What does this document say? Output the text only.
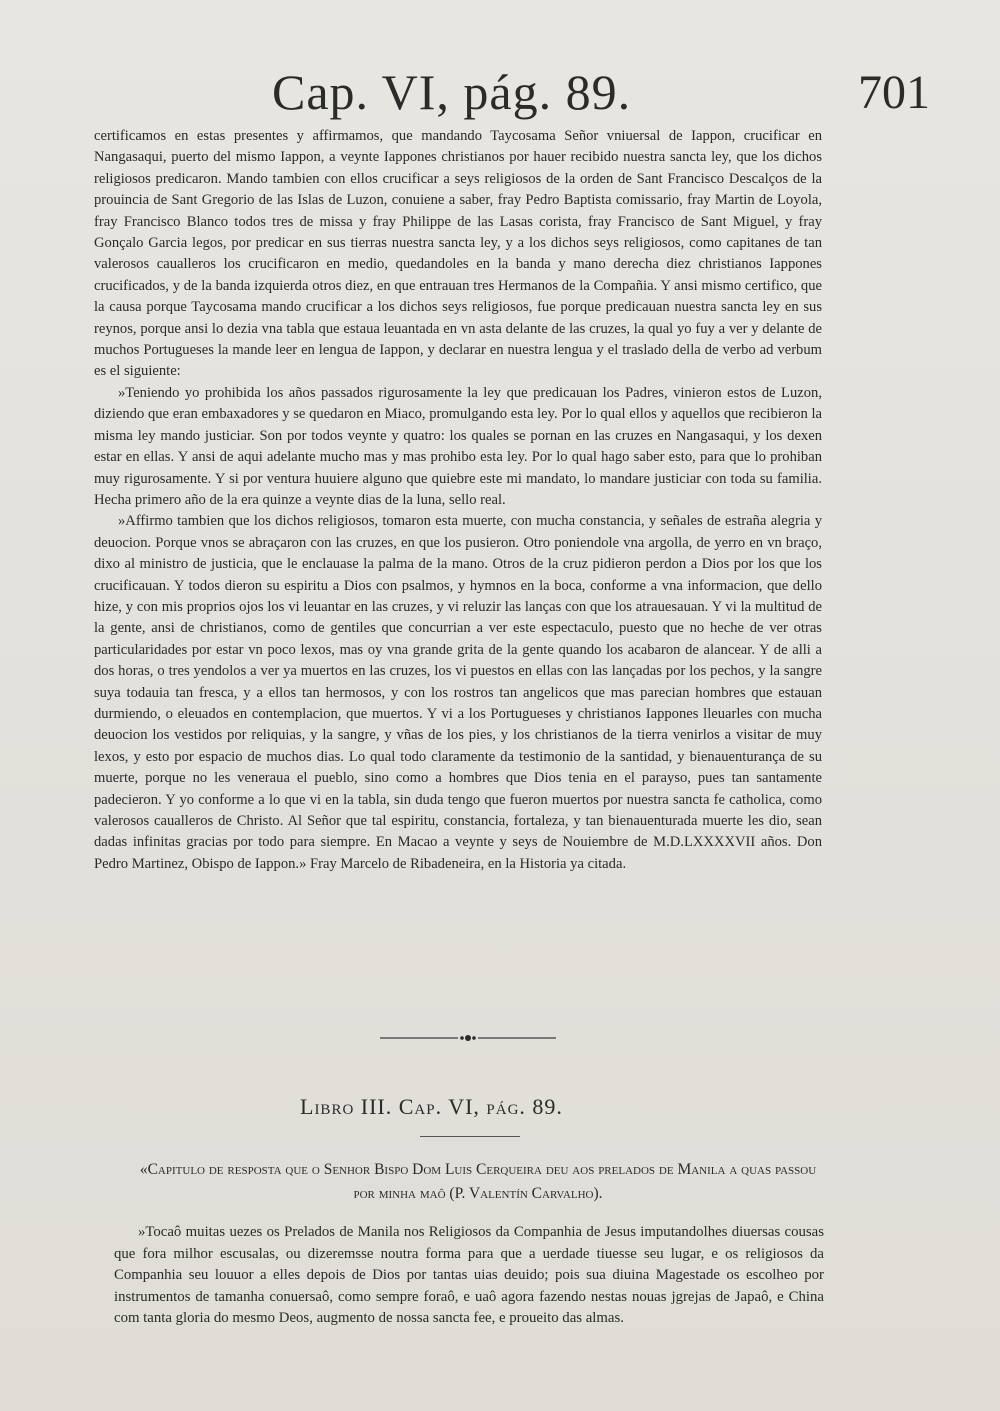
Cap. VI, pág. 89.	701

certificamos en estas presentes y affirmamos, que mandando Taycosama Señor vniuersal de Iappon, crucificar en Nangasaqui, puerto del mismo Iappon, a veynte Iappones christianos por hauer recibido nuestra sancta ley, que los dichos religiosos predicaron. Mando tambien con ellos crucificar a seys religiosos de la orden de Sant Francisco Descalços de la prouincia de Sant Gregorio de las Islas de Luzon, conuiene a saber, fray Pedro Baptista comissario, fray Martin de Loyola, fray Francisco Blanco todos tres de missa y fray Philippe de las Lasas corista, fray Francisco de Sant Miguel, y fray Gonçalo Garcia legos, por predicar en sus tierras nuestra sancta ley, y a los dichos seys religiosos, como capitanes de tan valerosos caualleros los crucificaron en medio, quedandoles en la banda y mano derecha diez christianos Iappones crucificados, y de la banda izquierda otros diez, en que entrauan tres Hermanos de la Compañia. Y ansi mismo certifico, que la causa porque Taycosama mando crucificar a los dichos seys religiosos, fue porque predicauan nuestra sancta ley en sus reynos, porque ansi lo dezia vna tabla que estaua leuantada en vn asta delante de las cruzes, la qual yo fuy a ver y delante de muchos Portugueses la mande leer en lengua de Iappon, y declarar en nuestra lengua y el traslado della de verbo ad verbum es el siguiente:

»Teniendo yo prohibida los años passados rigurosamente la ley que predicauan los Padres, vinieron estos de Luzon, diziendo que eran embaxadores y se quedaron en Miaco, promulgando esta ley. Por lo qual ellos y aquellos que recibieron la misma ley mando justiciar. Son por todos veynte y quatro: los quales se pornan en las cruzes en Nangasaqui, y los dexen estar en ellas. Y ansi de aqui adelante mucho mas y mas prohibo esta ley. Por lo qual hago saber esto, para que lo prohiban muy rigurosamente. Y si por ventura huuiere alguno que quiebre este mi mandato, lo mandare justiciar con toda su familia. Hecha primero año de la era quinze a veynte dias de la luna, sello real.

»Affirmo tambien que los dichos religiosos, tomaron esta muerte, con mucha constancia, y señales de estraña alegria y deuocion. Porque vnos se abraçaron con las cruzes, en que los pusieron. Otro poniendole vna argolla, de yerro en vn braço, dixo al ministro de justicia, que le enclauase la palma de la mano. Otros de la cruz pidieron perdon a Dios por los que los crucificauan. Y todos dieron su espiritu a Dios con psalmos, y hymnos en la boca, conforme a vna informacion, que dello hize, y con mis proprios ojos los vi leuantar en las cruzes, y vi reluzir las lanças con que los atrauesauan. Y vi la multitud de la gente, ansi de christianos, como de gentiles que concurrian a ver este espectaculo, puesto que no heche de ver otras particularidades por estar vn poco lexos, mas oy vna grande grita de la gente quando los acabaron de alancear. Y de alli a dos horas, o tres yendolos a ver ya muertos en las cruzes, los vi puestos en ellas con las lançadas por los pechos, y la sangre suya todauia tan fresca, y a ellos tan hermosos, y con los rostros tan angelicos que mas parecian hombres que estauan durmiendo, o eleuados en contemplacion, que muertos. Y vi a los Portugueses y christianos Iappones lleuarles con mucha deuocion los vestidos por reliquias, y la sangre, y vñas de los pies, y los christianos de la tierra venirlos a visitar de muy lexos, y esto por espacio de muchos dias. Lo qual todo claramente da testimonio de la santidad, y bienauenturança de su muerte, porque no les veneraua el pueblo, sino como a hombres que Dios tenia en el parayso, pues tan santamente padecieron. Y yo conforme a lo que vi en la tabla, sin duda tengo que fueron muertos por nuestra sancta fe catholica, como valerosos caualleros de Christo. Al Señor que tal espiritu, constancia, fortaleza, y tan bienauenturada muerte les dio, sean dadas infinitas gracias por todo para siempre. En Macao a veynte y seys de Nouiembre de M.D.LXXXXVII años. Don Pedro Martinez, Obispo de Iappon.» Fray Marcelo de Ribadeneira, en la Historia ya citada.

Libro III. Cap. VI, pág. 89.
«Capitulo de resposta que o Senhor Bispo Dom Luis Cerqueira deu aos prelados de Manila a quas passou por minha maô (P. Valentín Carvalho).

»Tocaô muitas uezes os Prelados de Manila nos Religiosos da Companhia de Jesus imputandolhes diuersas cousas que fora milhor escusalas, ou dizeremsse noutra forma para que a uerdade tiuesse seu lugar, e os religiosos da Companhia seu louuor a elles depois de Dios por tantas uias deuido; pois sua diuina Magestade os escolheo por instrumentos de tamanha conuersaô, como sempre foraô, e uaô agora fazendo nestas nouas jgrejas de Japaô, e China com tanta gloria do mesmo Deos, augmento de nossa sancta fee, e proueito das almas.
